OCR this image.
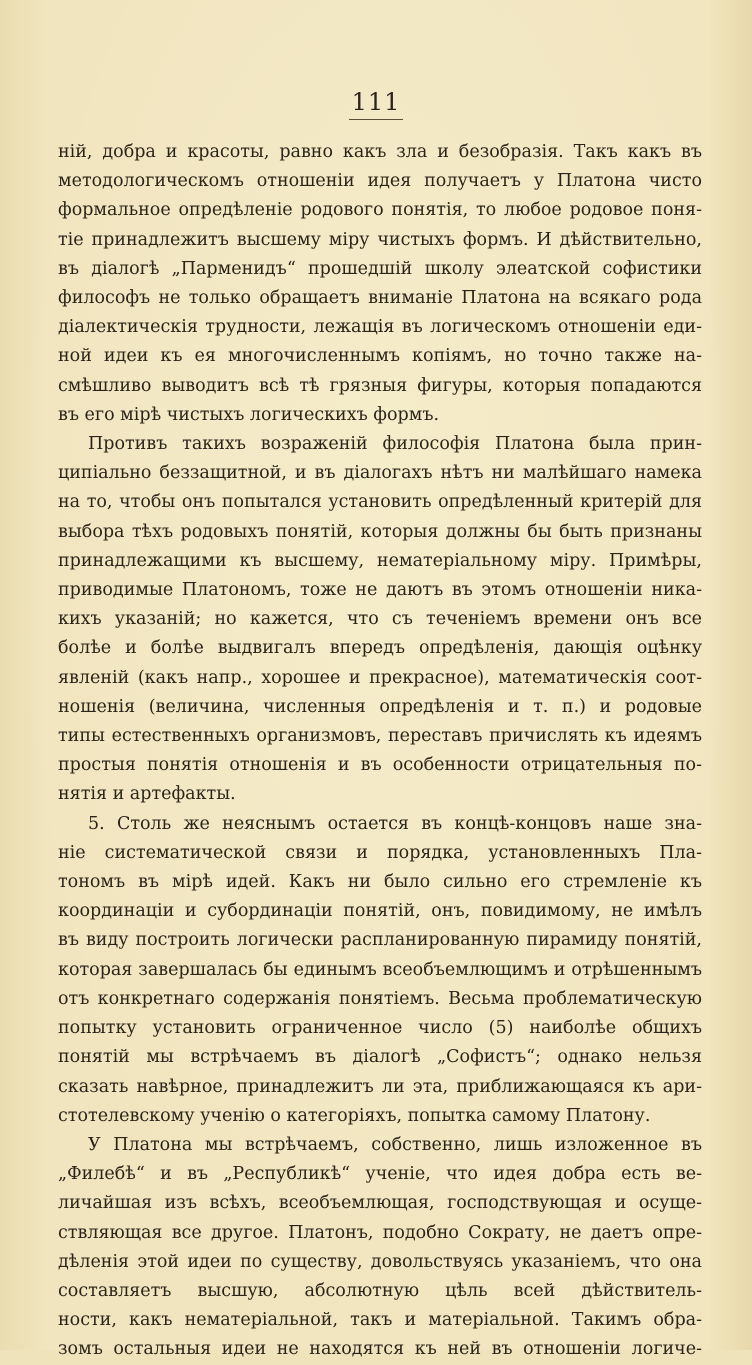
111
ній, добра и красоты, равно какъ зла и безобразія. Такъ какъ въ
методологическомъ отношеніи идея получаетъ у Платона чисто
формальное опредѣленіе родового понятія, то любое родовое поня-
тіе принадлежитъ высшему міру чистыхъ формъ. И дѣйствительно,
въ діалогѣ „Парменидъ“ прошедшій школу элеатской софистики
философъ не только обращаетъ вниманіе Платона на всякаго рода
діалектическія трудности, лежащія въ логическомъ отношеніи еди-
ной идеи къ ея многочисленнымъ копіямъ, но точно также на-
смѣшливо выводитъ всѣ тѣ грязныя фигуры, которыя попадаются
въ его мірѣ чистыхъ логическихъ формъ.
Противъ такихъ возраженій философія Платона была прин-
ципіально беззащитной, и въ діалогахъ нѣтъ ни малѣйшаго намека
на то, чтобы онъ попытался установить опредѣленный критерій для
выбора тѣхъ родовыхъ понятій, которыя должны бы быть признаны
принадлежащими къ высшему, нематеріальному міру. Примѣры,
приводимые Платономъ, тоже не даютъ въ этомъ отношеніи ника-
кихъ указаній; но кажется, что съ теченіемъ времени онъ все
болѣе и болѣе выдвигалъ впередъ опредѣленія, дающія оцѣнку
явленій (какъ напр., хорошее и прекрасное), математическія соот-
ношенія (величина, численныя опредѣленія и т. п.) и родовые
типы естественныхъ организмовъ, переставъ причислять къ идеямъ
простыя понятія отношенія и въ особенности отрицательныя по-
нятія и артефакты.
5. Столь же неяснымъ остается въ концѣ-концовъ наше зна-
ніе систематической связи и порядка, установленныхъ Пла-
тономъ въ мірѣ идей. Какъ ни было сильно его стремленіе къ
координаціи и субординаціи понятій, онъ, повидимому, не имѣлъ
въ виду построить логически распланированную пирамиду понятій,
которая завершалась бы единымъ всеобъемлющимъ и отрѣшеннымъ
отъ конкретнаго содержанія понятіемъ. Весьма проблематическую
попытку установить ограниченное число (5) наиболѣе общихъ
понятій мы встрѣчаемъ въ діалогѣ „Софистъ“; однако нельзя
сказать навѣрное, принадлежитъ ли эта, приближающаяся къ ари-
стотелевскому ученію о категоріяхъ, попытка самому Платону.
У Платона мы встрѣчаемъ, собственно, лишь изложенное въ
„Филебѣ“ и въ „Республикѣ“ ученіе, что идея добра есть ве-
личайшая изъ всѣхъ, всеобъемлющая, господствующая и осуще-
ствляющая все другое. Платонъ, подобно Сократу, не даетъ опре-
дѣленія этой идеи по существу, довольствуясь указаніемъ, что она
составляетъ высшую, абсолютную цѣль всей дѣйствитель-
ности, какъ нематеріальной, такъ и матеріальной. Такимъ обра-
зомъ остальныя идеи не находятся къ ней въ отношеніи логиче-
